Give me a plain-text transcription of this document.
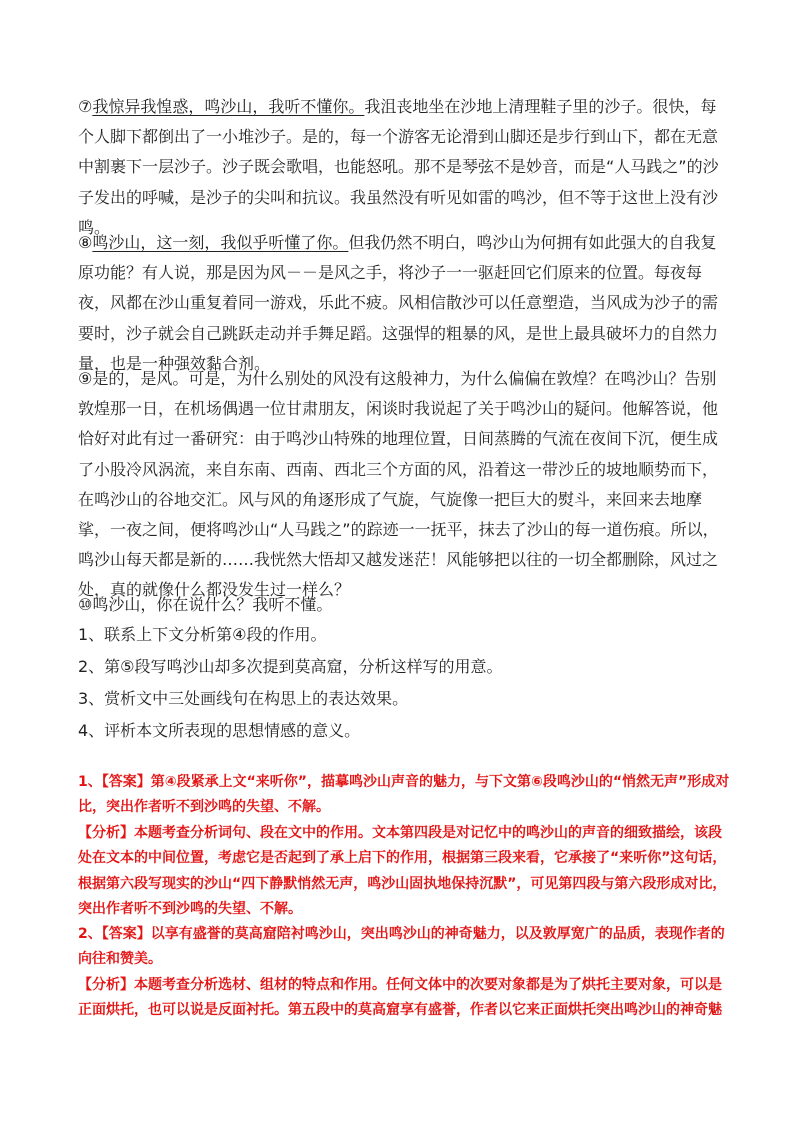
⑦我惊异我惶惑，鸣沙山，我听不懂你。我沮丧地坐在沙地上清理鞋子里的沙子。很快，每个人脚下都倒出了一小堆沙子。是的，每一个游客无论滑到山脚还是步行到山下，都在无意中割裹下一层沙子。沙子既会歌唱，也能怒吼。那不是琴弦不是妙音，而是“人马践之”的沙子发出的呼喊，是沙子的尖叫和抗议。我虽然没有听见如雷的鸣沙，但不等于这世上没有沙鸣。
⑧鸣沙山，这一刻，我似乎听懂了你。但我仍然不明白，鸣沙山为何拥有如此强大的自我复原功能？有人说，那是因为风－－是风之手，将沙子一一驱赶回它们原来的位置。每夜每夜，风都在沙山重复着同一游戏，乐此不疲。风相信散沙可以任意塑造，当风成为沙子的需要时，沙子就会自己跳跃走动并手舞足蹈。这强悍的粗暴的风，是世上最具破坏力的自然力量，也是一种强效黏合剂。
⑨是的，是风。可是，为什么别处的风没有这般神力，为什么偏偏在敦煌？在鸣沙山？告别敦煌那一日，在机场偶遇一位甘肃朋友，闲谈时我说起了关于鸣沙山的疑问。他解答说，他恰好对此有过一番研究：由于鸣沙山特殊的地理位置，日间蒸腾的气流在夜间下沉，便生成了小股冷风涡流，来自东南、西南、西北三个方面的风，沿着这一带沙丘的坡地顺势而下，在鸣沙山的谷地交汇。风与风的角逐形成了气旋，气旋像一把巨大的熨斗，来回来去地摩挲，一夜之间，便将鸣沙山“人马践之”的踪迹一一抚平，抹去了沙山的每一道伤痕。所以，鸣沙山每天都是新的……我恍然大悟却又越发迷茫！风能够把以往的一切全都删除，风过之处，真的就像什么都没发生过一样么？
⑩鸣沙山，你在说什么？我听不懂。
1、联系上下文分析第④段的作用。
2、第⑤段写鸣沙山却多次提到莫高窟，分析这样写的用意。
3、赏析文中三处画线句在构思上的表达效果。
4、评析本文所表现的思想情感的意义。
1、【答案】第④段紧承上文“来听你”，描摹鸣沙山声音的魅力，与下文第⑥段鸣沙山的“悄然无声”形成对比，突出作者听不到沙鸣的失望、不解。
【分析】本题考查分析词句、段在文中的作用。文本第四段是对记忆中的鸣沙山的声音的细致描绘，该段处在文本的中间位置，考虑它是否起到了承上启下的作用，根据第三段来看，它承接了“来听你”这句话，根据第六段写现实的沙山“四下静默悄然无声，鸣沙山固执地保持沉默”，可见第四段与第六段形成对比，突出作者听不到沙鸣的失望、不解。
2、【答案】以享有盛誉的莫高窟陪衬鸣沙山，突出鸣沙山的神奇魅力，以及敦厚宽广的品质，表现作者的向往和赞美。
【分析】本题考查分析选材、组材的特点和作用。任何文体中的次要对象都是为了烘托主要对象，可以是正面烘托，也可以说是反面衬托。第五段中的莫高窟享有盛誉，作者以它来正面烘托突出鸣沙山的神奇魅
